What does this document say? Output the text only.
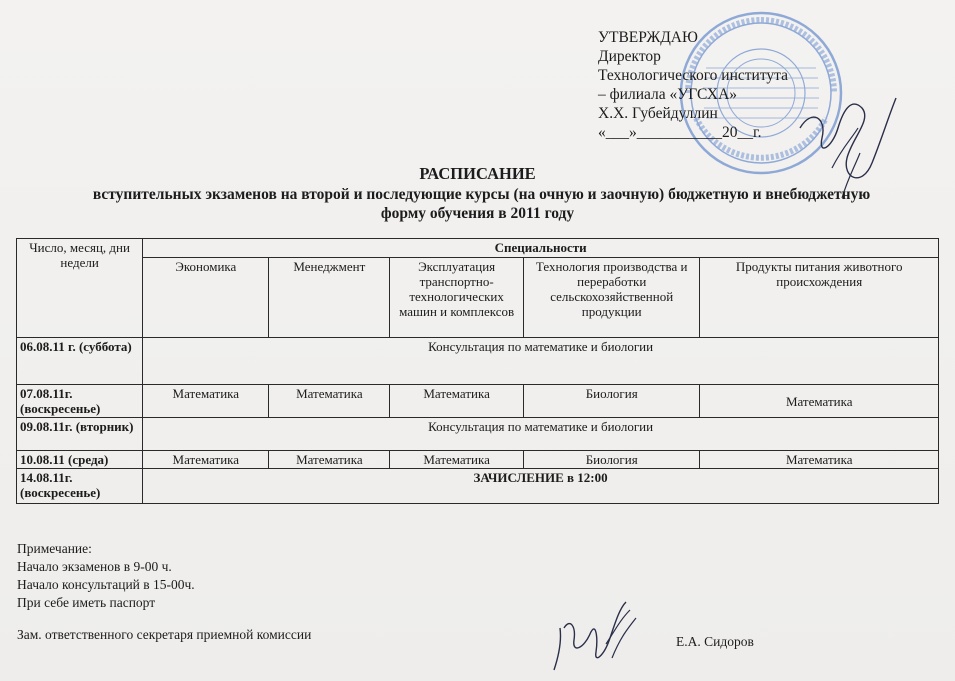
УТВЕРЖДАЮ
Директор
Технологического института
– филиала «УГСХА»
Х.Х. Губейдуллин
«___»___________20__г.
РАСПИСАНИЕ
вступительных экзаменов на второй и последующие курсы (на очную и заочную) бюджетную и внебюджетную
форму обучения в 2011 году
Число, месяц, дни недели	Специальности				
	Экономика	Менеджмент	Эксплуатация транспортно-технологических машин и комплексов	Технология производства и переработки сельскохозяйственной продукции	Продукты питания животного происхождения
06.08.11 г. (суббота)	Консультация по математике и биологии				
07.08.11г. (воскресенье)	Математика	Математика	Математика	Биология	Математика
09.08.11г. (вторник)	Консультация по математике и биологии				
10.08.11 (среда)	Математика	Математика	Математика	Биология	Математика
14.08.11г. (воскресенье)	ЗАЧИСЛЕНИЕ в 12:00				
Примечание:
Начало экзаменов в 9-00 ч.
Начало консультаций в 15-00ч.
При себе иметь паспорт
Зам. ответственного секретаря приемной комиссии	Е.А. Сидоров
